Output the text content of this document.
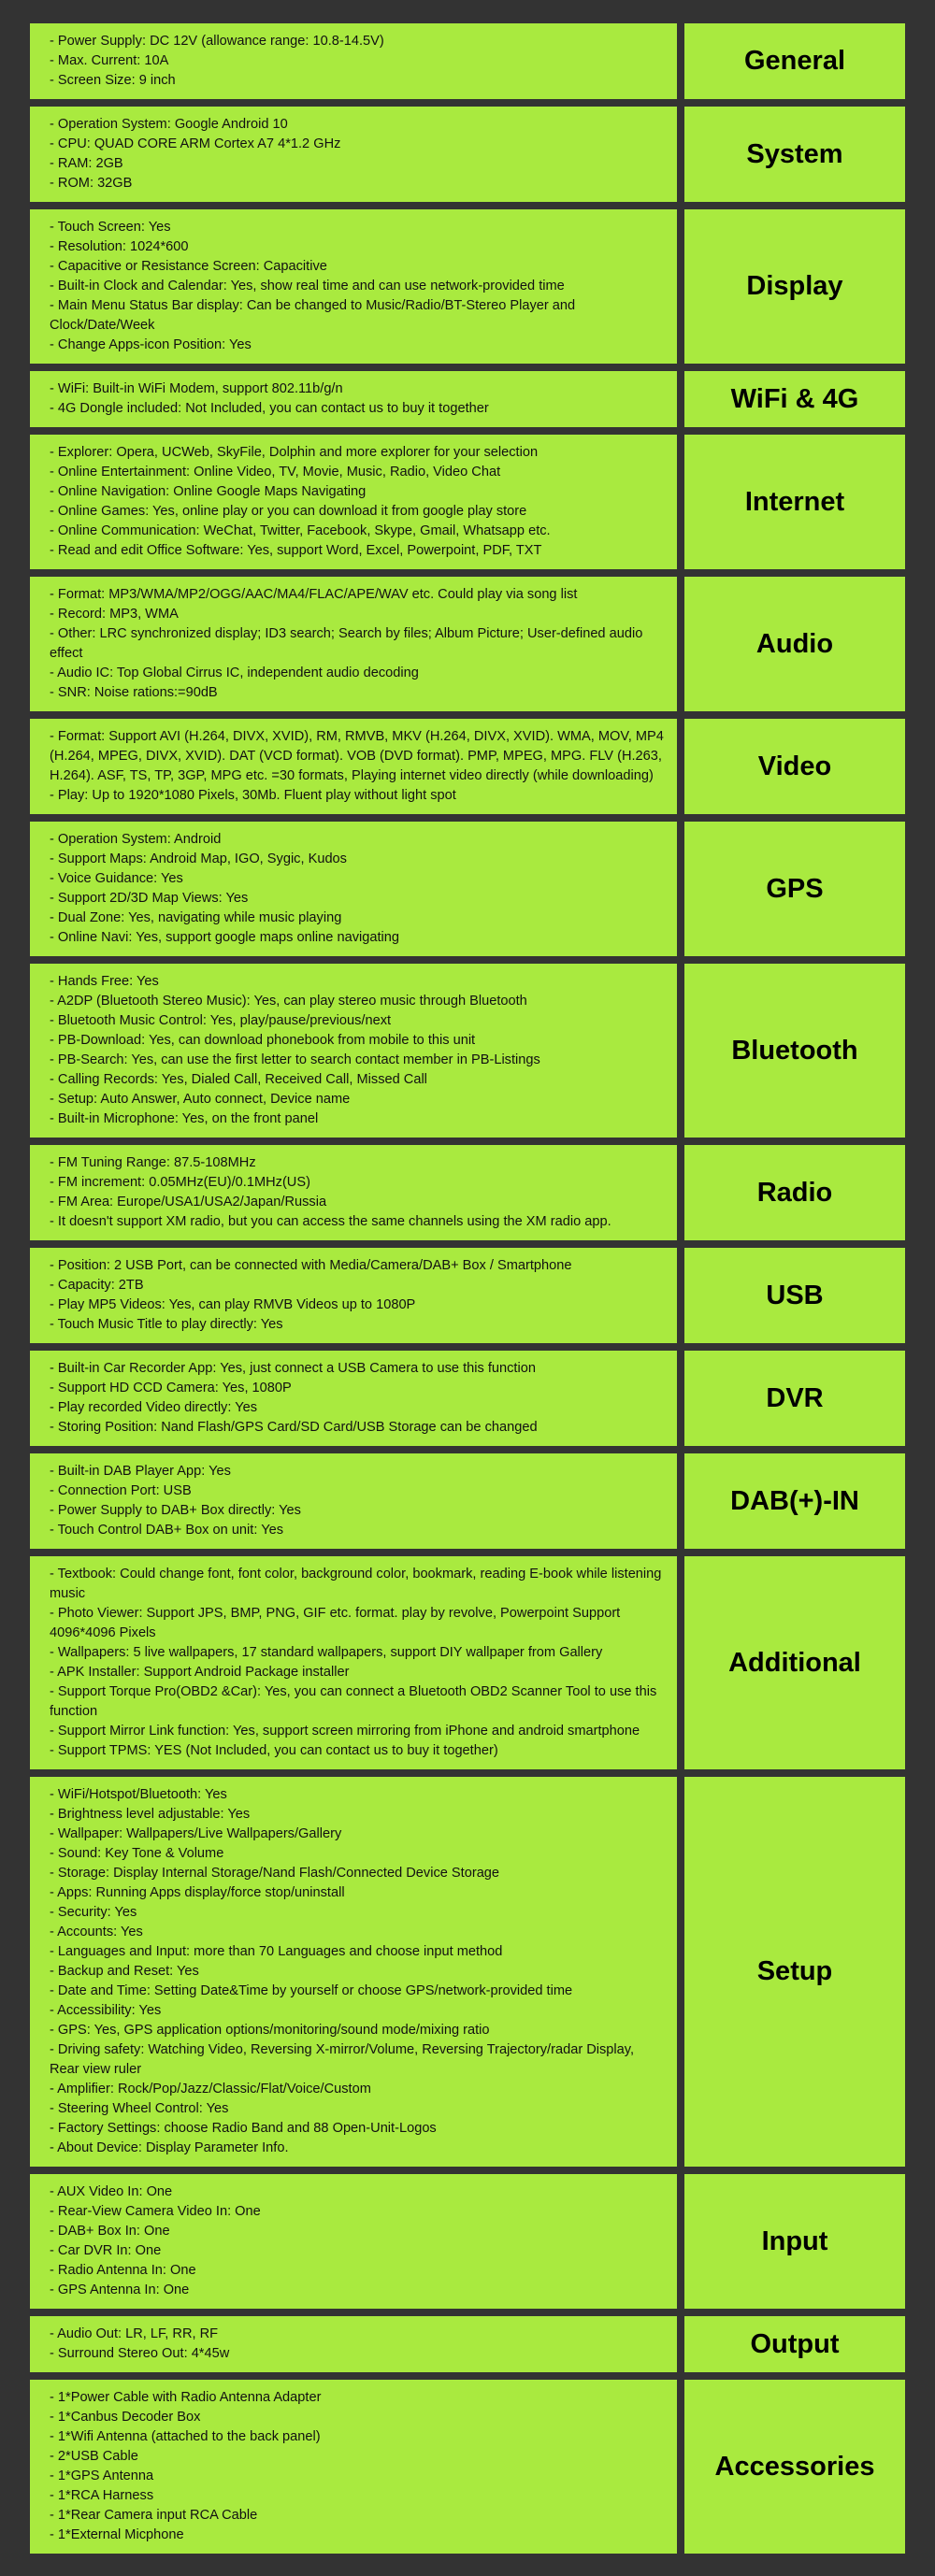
- Power Supply: DC 12V (allowance range: 10.8-14.5V)
- Max. Current: 10A
- Screen Size: 9 inch
General
- Operation System: Google Android 10
- CPU: QUAD CORE ARM Cortex A7 4*1.2 GHz
- RAM: 2GB
- ROM: 32GB
System
- Touch Screen: Yes
- Resolution: 1024*600
- Capacitive or Resistance Screen: Capacitive
- Built-in Clock and Calendar: Yes, show real time and can use network-provided time
- Main Menu Status Bar display: Can be changed to Music/Radio/BT-Stereo Player and Clock/Date/Week
- Change Apps-icon Position: Yes
Display
- WiFi: Built-in WiFi Modem, support 802.11b/g/n
- 4G Dongle included: Not Included, you can contact us to buy it together	WiFi & 4G
- Explorer: Opera, UCWeb, SkyFile, Dolphin and more explorer for your selection
- Online Entertainment: Online Video, TV, Movie, Music, Radio, Video Chat
- Online Navigation: Online Google Maps Navigating
- Online Games: Yes, online play or you can download it from google play store
- Online Communication: WeChat, Twitter, Facebook, Skype, Gmail, Whatsapp etc.
- Read and edit Office Software: Yes, support Word, Excel, Powerpoint, PDF, TXT
Internet
- Format: MP3/WMA/MP2/OGG/AAC/MA4/FLAC/APE/WAV etc. Could play via song list
- Record: MP3, WMA
- Other: LRC synchronized display; ID3 search; Search by files; Album Picture; User-defined audio effect
- Audio IC: Top Global Cirrus IC, independent audio decoding
- SNR: Noise rations:=90dB
Audio
- Format: Support AVI (H.264, DIVX, XVID), RM, RMVB, MKV (H.264, DIVX, XVID). WMA, MOV, MP4 (H.264, MPEG, DIVX, XVID). DAT (VCD format). VOB (DVD format). PMP, MPEG, MPG. FLV (H.263, H.264). ASF, TS, TP, 3GP, MPG etc. =30 formats, Playing internet video directly (while downloading)
- Play: Up to 1920*1080 Pixels, 30Mb. Fluent play without light spot
Video
- Operation System: Android
- Support Maps: Android Map, IGO, Sygic, Kudos
- Voice Guidance: Yes
- Support 2D/3D Map Views: Yes
- Dual Zone: Yes, navigating while music playing
- Online Navi: Yes, support google maps online navigating
GPS
- Hands Free: Yes
- A2DP (Bluetooth Stereo Music): Yes, can play stereo music through Bluetooth
- Bluetooth Music Control: Yes, play/pause/previous/next
- PB-Download: Yes, can download phonebook from mobile to this unit
- PB-Search: Yes, can use the first letter to search contact member in PB-Listings
- Calling Records: Yes, Dialed Call, Received Call, Missed Call
- Setup: Auto Answer, Auto connect, Device name
- Built-in Microphone: Yes, on the front panel
Bluetooth
- FM Tuning Range: 87.5-108MHz
- FM increment: 0.05MHz(EU)/0.1MHz(US)
- FM Area: Europe/USA1/USA2/Japan/Russia
- It doesn't support XM radio, but you can access the same channels using the XM radio app.
Radio
- Position: 2 USB Port, can be connected with Media/Camera/DAB+ Box / Smartphone
- Capacity: 2TB
- Play MP5 Videos: Yes, can play RMVB Videos up to 1080P
- Touch Music Title to play directly: Yes
USB
- Built-in Car Recorder App: Yes, just connect a USB Camera to use this function
- Support HD CCD Camera: Yes, 1080P
- Play recorded Video directly: Yes
- Storing Position: Nand Flash/GPS Card/SD Card/USB Storage can be changed
DVR
- Built-in DAB Player App: Yes
- Connection Port: USB
- Power Supply to DAB+ Box directly: Yes
- Touch Control DAB+ Box on unit: Yes
DAB(+)-IN
- Textbook: Could change font, font color, background color, bookmark, reading E-book while listening music
- Photo Viewer: Support JPS, BMP, PNG, GIF etc. format. play by revolve, Powerpoint Support 4096*4096 Pixels
- Wallpapers: 5 live wallpapers, 17 standard wallpapers, support DIY wallpaper from Gallery
- APK Installer: Support Android Package installer
- Support Torque Pro(OBD2 &Car): Yes, you can connect a Bluetooth OBD2 Scanner Tool to use this function
- Support Mirror Link function: Yes, support screen mirroring from iPhone and android smartphone
- Support TPMS: YES (Not Included, you can contact us to buy it together)
Additional
- WiFi/Hotspot/Bluetooth: Yes
- Brightness level adjustable: Yes
- Wallpaper: Wallpapers/Live Wallpapers/Gallery
- Sound: Key Tone & Volume
- Storage: Display Internal Storage/Nand Flash/Connected Device Storage
- Apps: Running Apps display/force stop/uninstall
- Security: Yes
- Accounts: Yes
- Languages and Input: more than 70 Languages and choose input method
- Backup and Reset: Yes
- Date and Time: Setting Date&Time by yourself or choose GPS/network-provided time
- Accessibility: Yes
- GPS: Yes, GPS application options/monitoring/sound mode/mixing ratio
- Driving safety: Watching Video, Reversing X-mirror/Volume, Reversing Trajectory/radar Display, Rear view ruler
- Amplifier: Rock/Pop/Jazz/Classic/Flat/Voice/Custom
- Steering Wheel Control: Yes
- Factory Settings: choose Radio Band and 88 Open-Unit-Logos
- About Device: Display Parameter Info.
Setup
- AUX Video In: One
- Rear-View Camera Video In: One
- DAB+ Box In: One
- Car DVR In: One
- Radio Antenna In: One
- GPS Antenna In: One
Input
- Audio Out: LR, LF, RR, RF
- Surround Stereo Out: 4*45w	Output
- 1*Power Cable with Radio Antenna Adapter
- 1*Canbus Decoder Box
- 1*Wifi Antenna (attached to the back panel)
- 2*USB Cable
- 1*GPS Antenna
- 1*RCA Harness
- 1*Rear Camera input RCA Cable
- 1*External Micphone
Accessories
